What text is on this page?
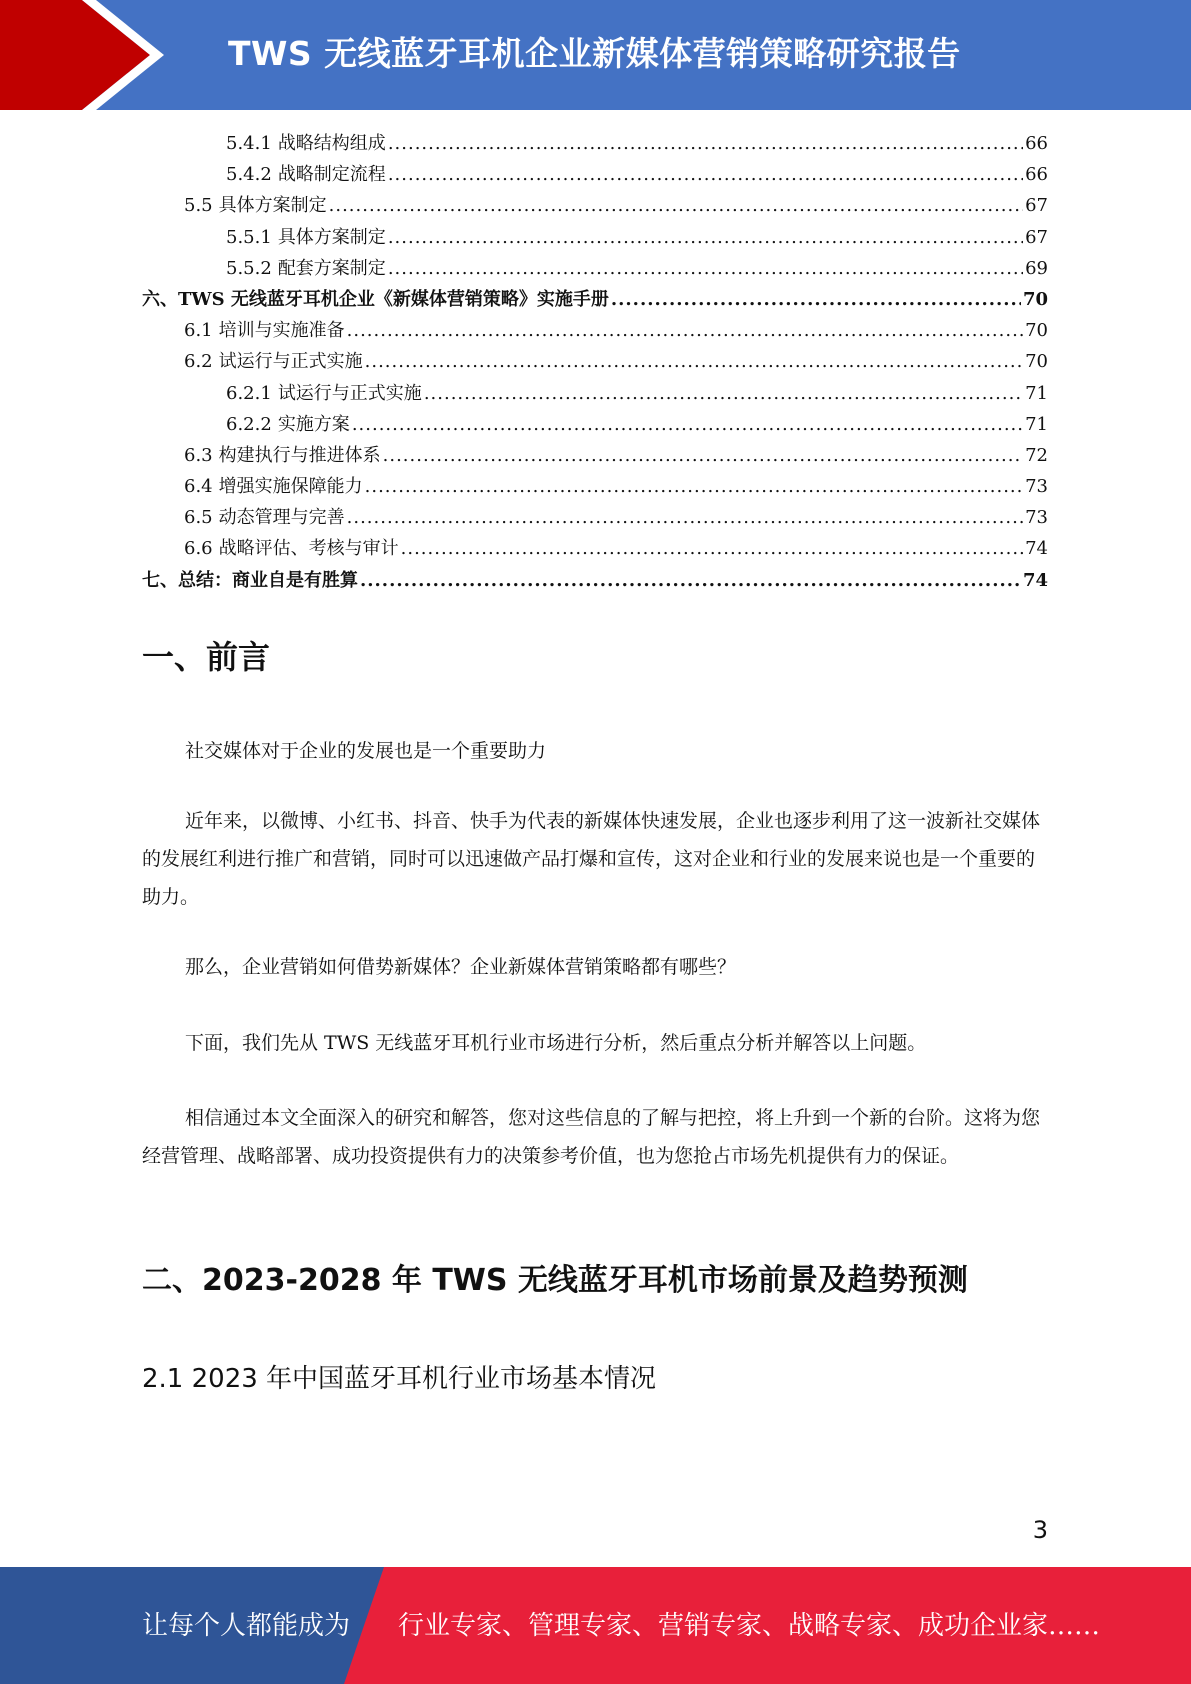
TWS 无线蓝牙耳机企业新媒体营销策略研究报告
5.4.1 战略结构组成 .....	66
5.4.2 战略制定流程 .....	66
5.5 具体方案制定 .....	67
5.5.1 具体方案制定 .....	67
5.5.2 配套方案制定 .....	69
六、TWS 无线蓝牙耳机企业《新媒体营销策略》实施手册 .....	70
6.1 培训与实施准备 .....	70
6.2 试运行与正式实施 .....	70
6.2.1 试运行与正式实施 .....	71
6.2.2 实施方案 .....	71
6.3 构建执行与推进体系 .....	72
6.4 增强实施保障能力 .....	73
6.5 动态管理与完善 .....	73
6.6 战略评估、考核与审计 .....	74
七、总结：商业自是有胜算 .....	74
一、前言

社交媒体对于企业的发展也是一个重要助力

近年来，以微博、小红书、抖音、快手为代表的新媒体快速发展，企业也逐步利用了这一波新社交媒体的发展红利进行推广和营销，同时可以迅速做产品打爆和宣传，这对企业和行业的发展来说也是一个重要的助力。

那么，企业营销如何借势新媒体？企业新媒体营销策略都有哪些？

下面，我们先从 TWS 无线蓝牙耳机行业市场进行分析，然后重点分析并解答以上问题。

相信通过本文全面深入的研究和解答，您对这些信息的了解与把控，将上升到一个新的台阶。这将为您经营管理、战略部署、成功投资提供有力的决策参考价值，也为您抢占市场先机提供有力的保证。

二、2023-2028 年 TWS 无线蓝牙耳机市场前景及趋势预测
2.1 2023 年中国蓝牙耳机行业市场基本情况
3
让每个人都能成为 行业专家、管理专家、营销专家、战略专家、成功企业家……
